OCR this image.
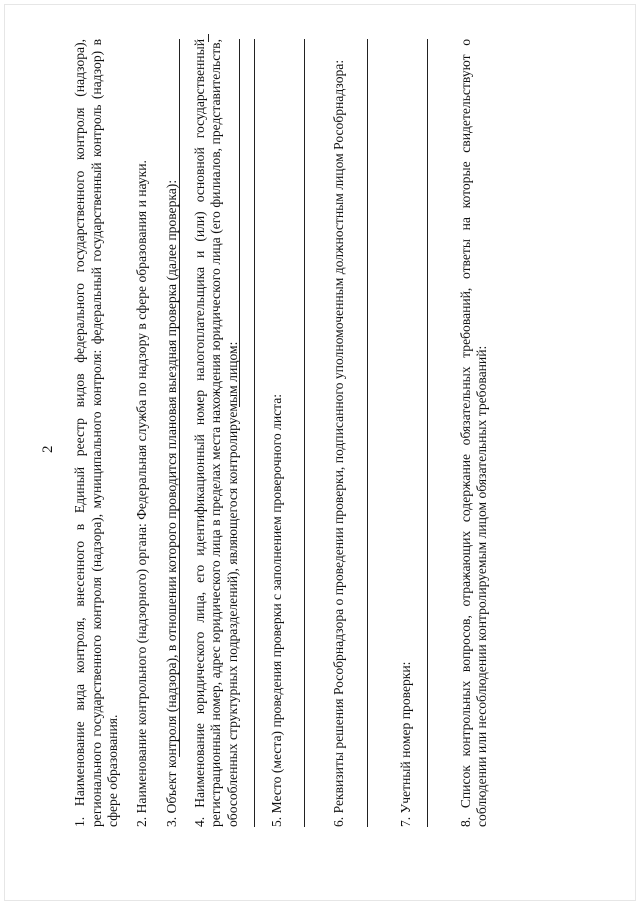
2 1. Наименование вида контроля, внесенного в Единый реестр видов федерального государственного контроля (надзора), регионального государственного контроля (надзора), муниципального контроля: федеральный государственный контроль (надзор) в сфере образования. 2. Наименование контрольного (надзорного) органа: Федеральная служба по надзору в сфере образования и науки. 3. Объект контроля (надзора), в отношении которого проводится плановая выездная проверка (далее проверка): 4. Наименование юридического лица, его идентификационный номер налогоплательщика и (или) основной государственный регистрационный номер, адрес юридического лица в пределах места нахождения юридического лица (его филиалов, представительств, обособленных структурных подразделений), являющегося контролируемым лицом: 5. Место (места) проведения проверки с заполнением проверочного листа:	6. Реквизиты решения Рособрнадзора о проведении проверки, подписанного уполномоченным должностным лицом Рособрнадзора:	7. Учетный номер проверки:	8. Список контрольных вопросов, отражающих содержание обязательных требований, ответы на которые свидетельствуют о соблюдении или несоблюдении контролируемым лицом обязательных требований:
